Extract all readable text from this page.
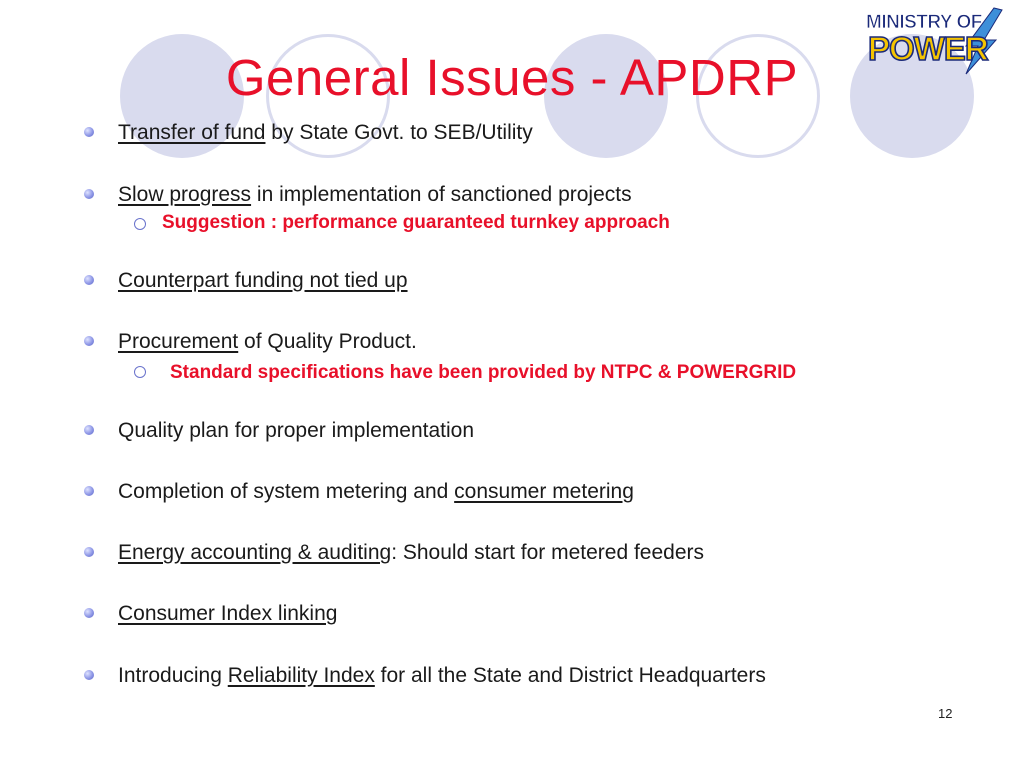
MINISTRY OF
POWER
General Issues - APDRP
Transfer of fund by State Govt. to SEB/Utility
Slow progress in implementation of sanctioned projects
Suggestion : performance guaranteed turnkey approach
Counterpart funding not tied up
Procurement of Quality Product.
Standard specifications have been provided by NTPC & POWERGRID
Quality plan for proper implementation
Completion of system metering and consumer metering
Energy accounting & auditing: Should start for metered feeders
Consumer Index linking
Introducing Reliability Index for all the State and District Headquarters
12
